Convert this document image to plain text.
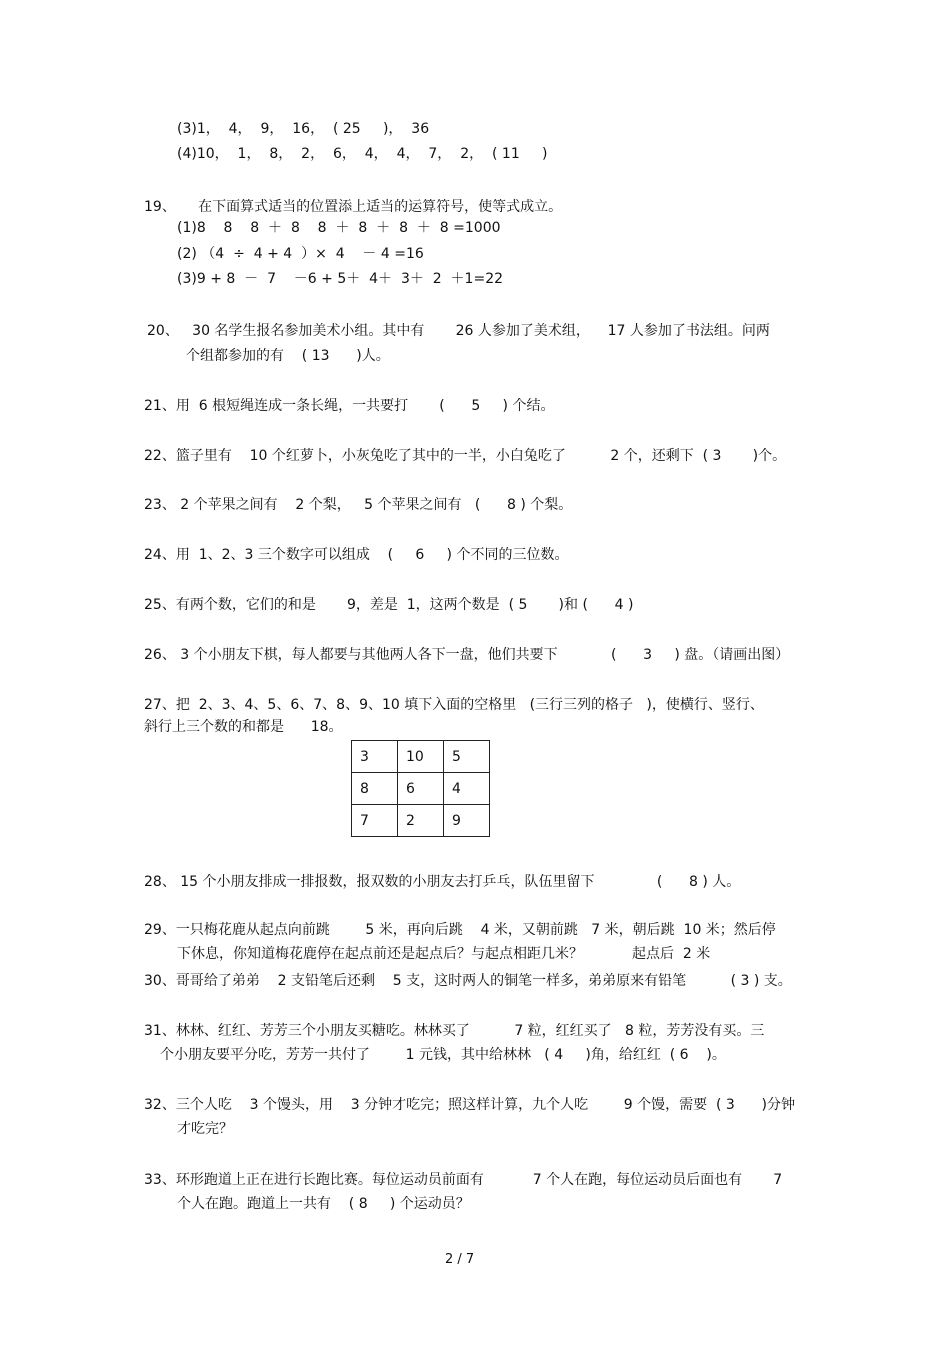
(3)1，  4，  9，  16，  ( 25     )，  36
(4)10，  1，  8，  2，  6，  4，  4，  7，  2，  ( 11     )
19、     在下面算式适当的位置添上适当的运算符号，使等式成立。
(1)8    8    8  ＋  8    8  ＋  8  ＋  8  ＋  8 =1000
(2) （4  ÷  4 + 4  ）×  4    － 4 =16
(3)9 + 8  －  7    －6 + 5＋  4＋  3＋  2  ＋1=22
20、   30 名学生报名参加美术小组。其中有       26 人参加了美术组，    17 人参加了书法组。问两
个组都参加的有    ( 13      )人。
21、用  6 根短绳连成一条长绳，一共要打       (      5     ) 个结。
22、篮子里有    10 个红萝卜，小灰兔吃了其中的一半，小白兔吃了          2 个，还剩下  ( 3       )个。
23、 2 个苹果之间有    2 个梨，   5 个苹果之间有   (      8 ) 个梨。
24、用  1、2、3 三个数字可以组成    (     6     ) 个不同的三位数。
25、有两个数，它们的和是       9，差是  1，这两个数是  ( 5       )和 (      4 )
26、 3 个小朋友下棋，每人都要与其他两人各下一盘，他们共要下            (      3     ) 盘。（请画出图）
27、把  2、3、4、5、6、7、8、9、10 填下入面的空格里   (三行三列的格子   )，使横行、竖行、
斜行上三个数的和都是      18。
3	10	5
8	6	4
7	2	9
28、 15 个小朋友排成一排报数，报双数的小朋友去打乒乓，队伍里留下              (      8 ) 人。
29、一只梅花鹿从起点向前跳        5 米，再向后跳    4 米，又朝前跳   7 米，朝后跳  10 米；然后停
下休息，你知道梅花鹿停在起点前还是起点后？与起点相距几米？           起点后  2 米
30、哥哥给了弟弟    2 支铅笔后还剩    5 支，这时两人的铜笔一样多，弟弟原来有铅笔          ( 3 ) 支。
31、林林、红红、芳芳三个小朋友买糖吃。林林买了          7 粒，红红买了   8 粒，芳芳没有买。三
个小朋友要平分吃，芳芳一共付了        1 元钱，其中给林林   ( 4     )角，给红红  ( 6    )。
32、三个人吃    3 个馒头，用    3 分钟才吃完；照这样计算，九个人吃        9 个馒，需要  ( 3      )分钟
才吃完？
33、环形跑道上正在进行长跑比赛。每位运动员前面有           7 个人在跑，每位运动员后面也有       7
个人在跑。跑道上一共有    ( 8     ) 个运动员？
2 / 7
